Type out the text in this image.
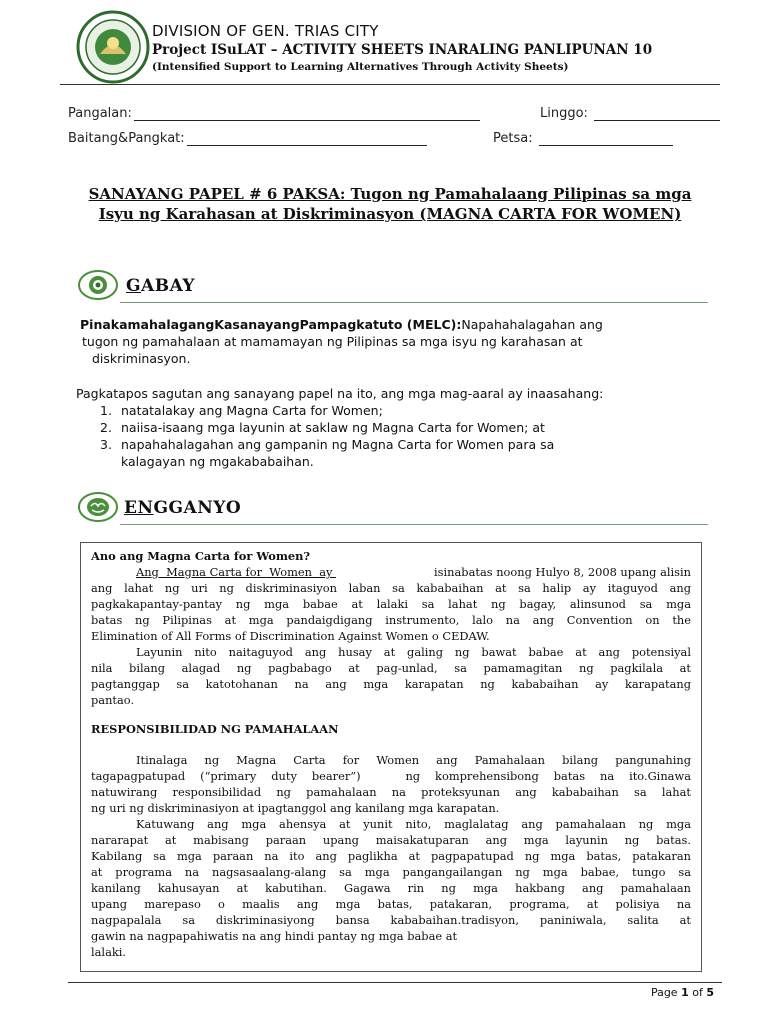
DIVISION OF GEN. TRIAS CITY
Project ISuLAT – ACTIVITY SHEETS INARALING PANLIPUNAN 10
(Intensified Support to Learning Alternatives Through Activity Sheets)
Pangalan:	Linggo:
Baitang&Pangkat:	Petsa:
SANAYANG PAPEL # 6 PAKSA: Tugon ng Pamahalaang Pilipinas sa mga Isyu ng Karahasan at Diskriminasyon (MAGNA CARTA FOR WOMEN)
GABAY
PinakamahalagangKasanayangPampagkatuto (MELC):Napahahalagahan ang
tugon ng pamahalaan at mamamayan ng Pilipinas sa mga isyu ng karahasan at
diskriminasyon.
Pagkatapos sagutan ang sanayang papel na ito, ang mga mag-aaral ay inaasahang:
1. natatalakay ang Magna Carta for Women;
2. naiisa-isaang mga layunin at saklaw ng Magna Carta for Women; at
3. napahahalagahan ang gampanin ng Magna Carta for Women para sa
kalagayan ng mgakababaihan.
ENGGANYO
Ano ang Magna Carta for Women?
Ang  Magna Carta for  Women  ay	isinabatas noong Hulyo 8, 2008 upang alisin
ang lahat ng uri ng diskriminasiyon laban sa kababaihan at sa halip ay itaguyod ang
pagkakapantay-pantay ng mga babae at lalaki sa lahat ng bagay, alinsunod sa mga
batas ng Pilipinas at mga pandaigdigang instrumento, lalo na ang Convention on the
Elimination of All Forms of Discrimination Against Women o CEDAW.
Layunin nito naitaguyod ang husay at galing ng bawat babae at ang potensiyal
nila bilang alagad ng pagbabago at pag-unlad, sa pamamagitan ng pagkilala at
pagtanggap sa katotohanan na ang mga karapatan ng kababaihan ay karapatang
pantao.
RESPONSIBILIDAD NG PAMAHALAAN
Itinalaga ng Magna Carta for Women ang Pamahalaan bilang pangunahing
tagapagpatupad (“primary duty bearer”)   ng komprehensibong batas na ito.Ginawa
natuwirang responsibilidad ng pamahalaan na proteksyunan ang kababaihan sa lahat
ng uri ng diskriminasiyon at ipagtanggol ang kanilang mga karapatan.
Katuwang ang mga ahensya at yunit nito, maglalatag ang pamahalaan ng mga
nararapat at mabisang paraan upang maisakatuparan ang mga layunin ng batas.
Kabilang sa mga paraan na ito ang paglikha at pagpapatupad ng mga batas, patakaran
at programa na nagsasaalang-alang sa mga pangangailangan ng mga babae, tungo sa
kanilang kahusayan at kabutihan. Gagawa rin ng mga hakbang ang pamahalaan
upang marepaso o maalis ang mga batas, patakaran, programa, at polisiya na
nagpapalala sa diskriminasiyong bansa kababaihan.tradisyon, paniniwala, salita at
gawin na nagpapahiwatis na ang hindi pantay ng mga babae at
lalaki.
Page 1 of 5
